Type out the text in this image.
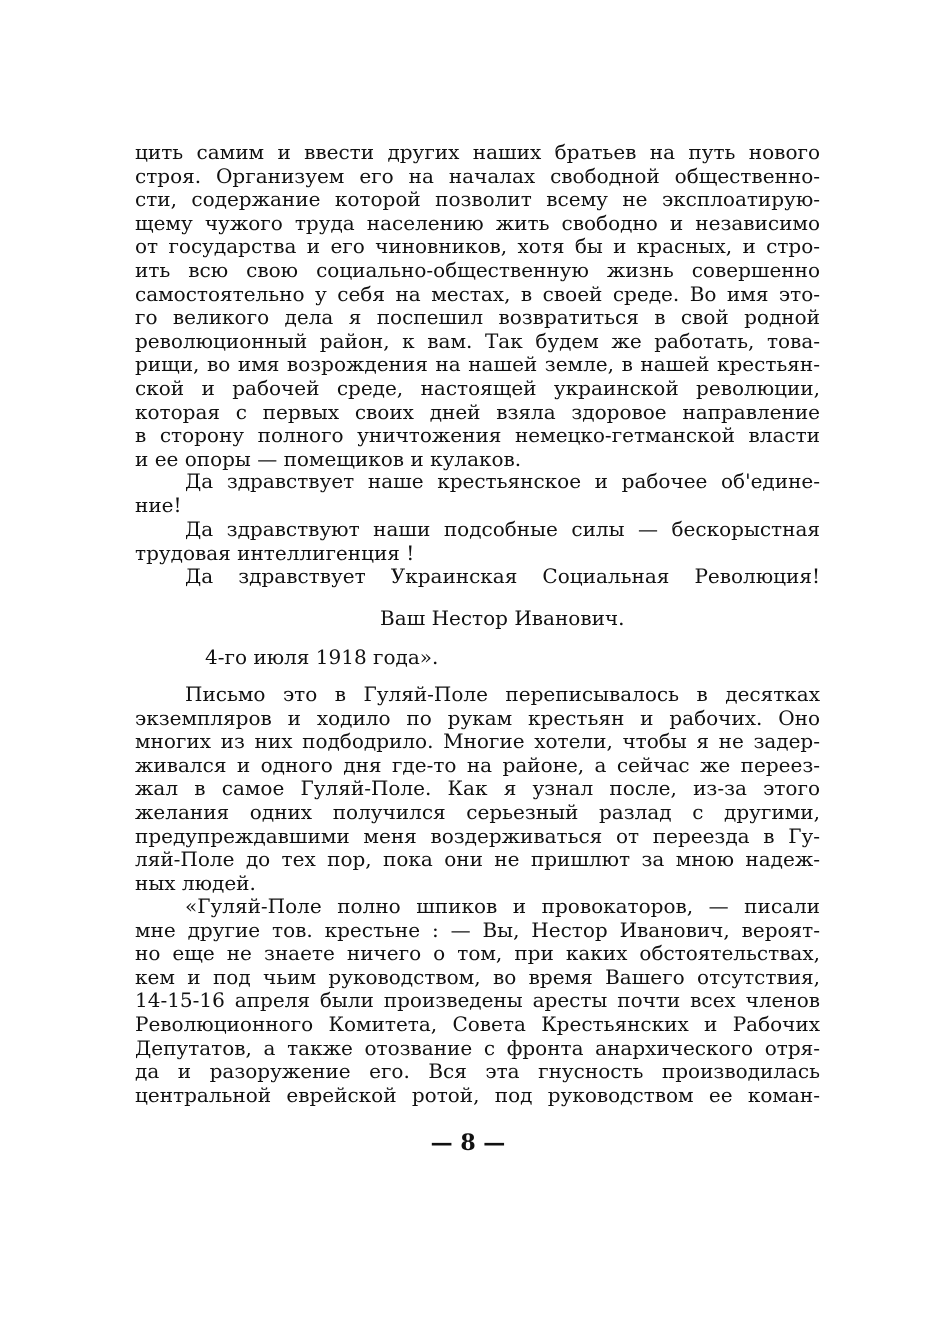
цить самим и ввести других наших братьев на путь нового
строя. Организуем его на началах свободной общественно-
сти, содержание которой позволит всему не эксплоатирую-
щему чужого труда населению жить свободно и независимо
от государства и его чиновников, хотя бы и красных, и стро-
ить всю свою социально-общественную жизнь совершенно
самостоятельно у себя на местах, в своей среде. Во имя это-
го великого дела я поспешил возвратиться в свой родной
революционный район, к вам. Так будем же работать, това-
рищи, во имя возрождения на нашей земле, в нашей крестьян-
ской и рабочей среде, настоящей украинской революции,
которая с первых своих дней взяла здоровое направление
в сторону полного уничтожения немецко-гетманской власти
и ее опоры — помещиков и кулаков.
Да здравствует наше крестьянское и рабочее об'едине-
ние!
Да здравствуют наши подсобные силы — бескорыстная
трудовая интеллигенция !
Да здравствует Украинская Социальная Революция!
Ваш Нестор Иванович.
4-го июля 1918 года».
Письмо это в Гуляй-Поле переписывалось в десятках
экземпляров и ходило по рукам крестьян и рабочих. Оно
многих из них подбодрило. Многие хотели, чтобы я не задер-
живался и одного дня где-то на районе, а сейчас же переез-
жал в самое Гуляй-Поле. Как я узнал после, из-за этого
желания одних получился серьезный разлад с другими,
предупреждавшими меня воздерживаться от переезда в Гу-
ляй-Поле до тех пор, пока они не пришлют за мною надеж-
ных людей.
«Гуляй-Поле полно шпиков и провокаторов, — писали
мне другие тов. крестьне : — Вы, Нестор Иванович, вероят-
но еще не знаете ничего о том, при каких обстоятельствах,
кем и под чьим руководством, во время Вашего отсутствия,
14-15-16 апреля были произведены аресты почти всех членов
Революционного Комитета, Совета Крестьянских и Рабочих
Депутатов, а также отозвание с фронта анархического отря-
да и разоружение его. Вся эта гнусность производилась
центральной еврейской ротой, под руководством ее коман-
— 8 —
